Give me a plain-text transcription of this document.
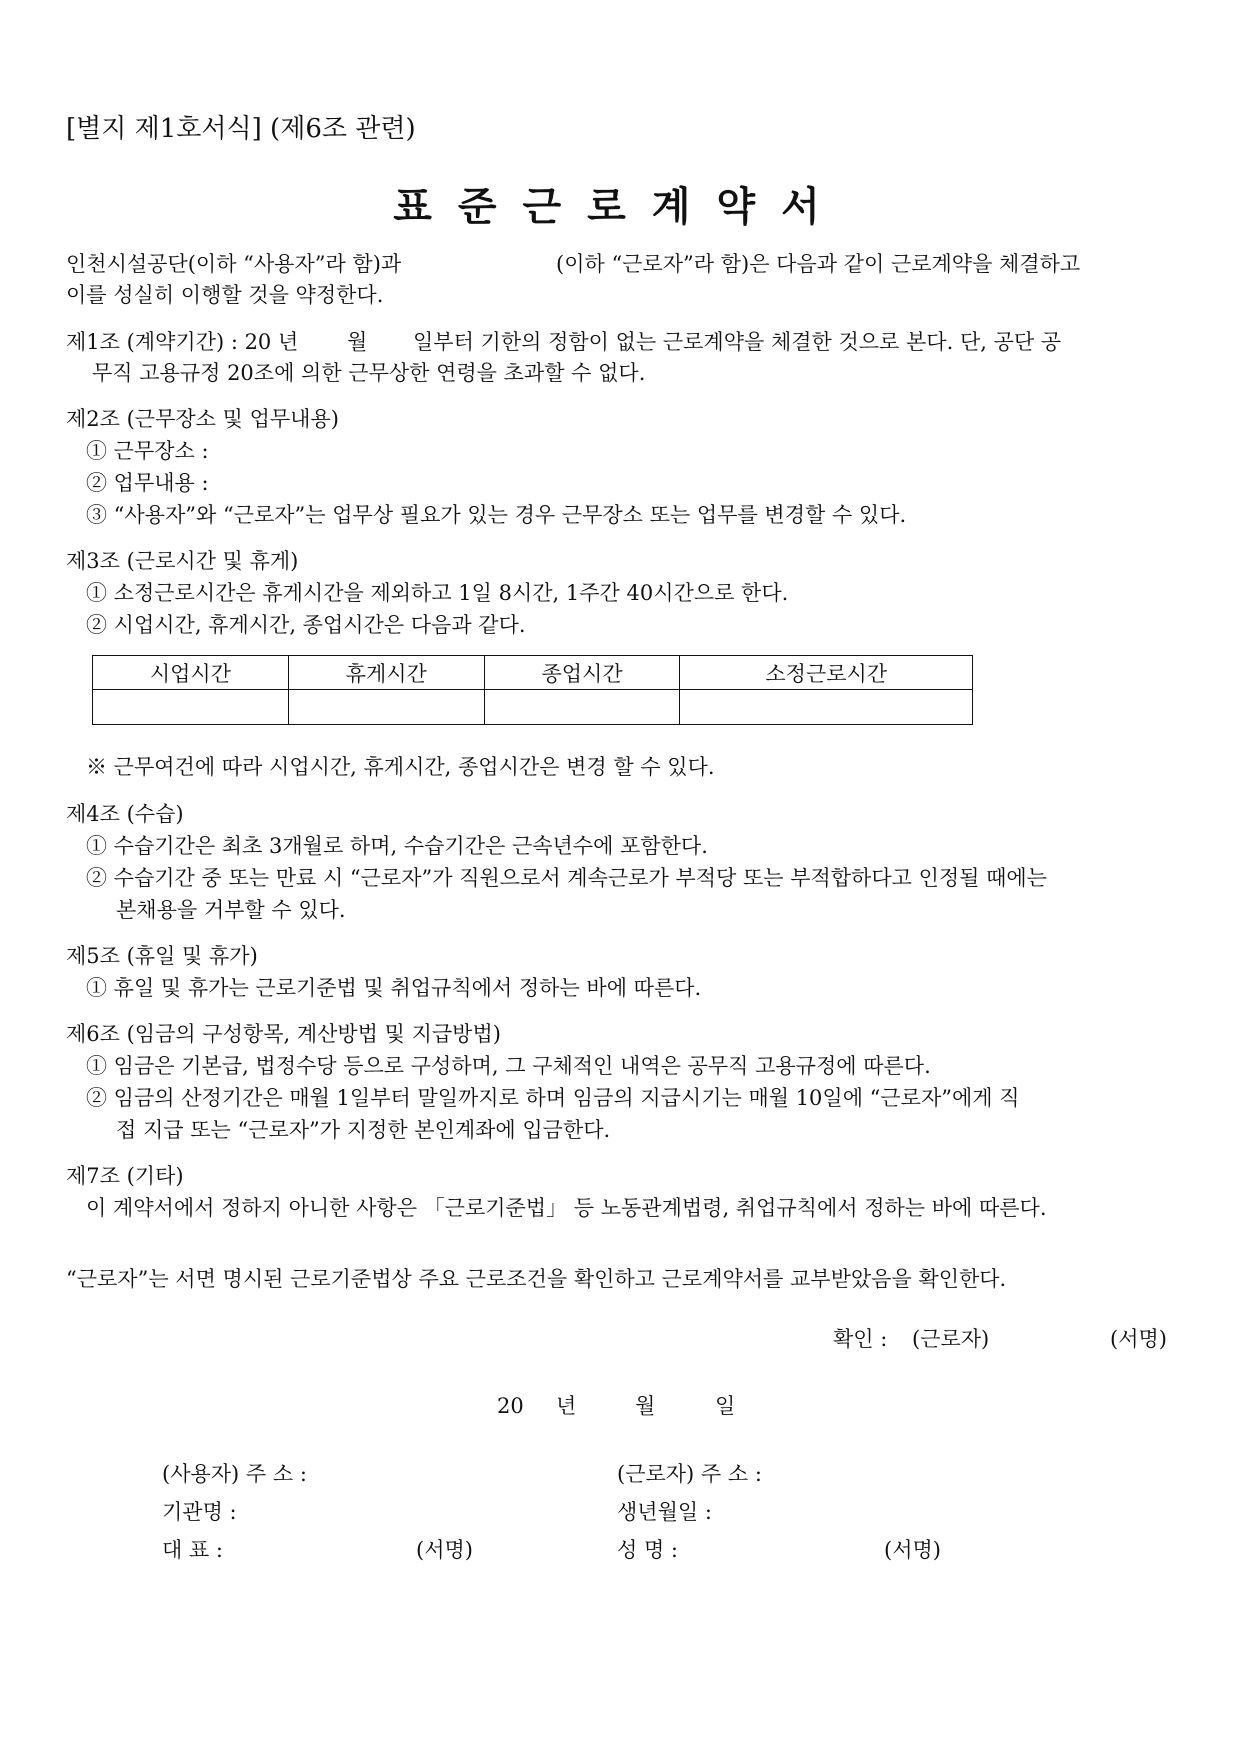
[별지 제1호서식] (제6조 관련)
표준근로계약서
인천시설공단(이하 “사용자”라 함)과	(이하 “근로자”라 함)은 다음과 같이 근로계약을 체결하고
이를 성실히 이행할 것을 약정한다.
제1조 (계약기간) : 20 년 월 일부터 기한의 정함이 없는 근로계약을 체결한 것으로 본다. 단, 공단 공
무직 고용규정 20조에 의한 근무상한 연령을 초과할 수 없다.
제2조 (근무장소 및 업무내용)
① 근무장소 :
② 업무내용 :
③ “사용자”와 “근로자”는 업무상 필요가 있는 경우 근무장소 또는 업무를 변경할 수 있다.
제3조 (근로시간 및 휴게)
① 소정근로시간은 휴게시간을 제외하고 1일 8시간, 1주간 40시간으로 한다.
② 시업시간, 휴게시간, 종업시간은 다음과 같다.
시업시간	휴게시간	종업시간	소정근로시간

※ 근무여건에 따라 시업시간, 휴게시간, 종업시간은 변경 할 수 있다.
제4조 (수습)
① 수습기간은 최초 3개월로 하며, 수습기간은 근속년수에 포함한다.
② 수습기간 중 또는 만료 시 “근로자”가 직원으로서 계속근로가 부적당 또는 부적합하다고 인정될 때에는
본채용을 거부할 수 있다.
제5조 (휴일 및 휴가)
① 휴일 및 휴가는 근로기준법 및 취업규칙에서 정하는 바에 따른다.
제6조 (임금의 구성항목, 계산방법 및 지급방법)
① 임금은 기본급, 법정수당 등으로 구성하며, 그 구체적인 내역은 공무직 고용규정에 따른다.
② 임금의 산정기간은 매월 1일부터 말일까지로 하며 임금의 지급시기는 매월 10일에 “근로자”에게 직
접 지급 또는 “근로자”가 지정한 본인계좌에 입금한다.
제7조 (기타)
이 계약서에서 정하지 아니한 사항은 「근로기준법」 등 노동관계법령, 취업규칙에서 정하는 바에 따른다.
“근로자”는 서면 명시된 근로기준법상 주요 근로조건을 확인하고 근로계약서를 교부받았음을 확인한다.
확인 : (근로자)	(서명)
20 년	월	일
(사용자) 주 소 :
기관명 :
대 표 :	(서명)
(근로자) 주 소 :
생년월일 :
성 명 :	(서명)
